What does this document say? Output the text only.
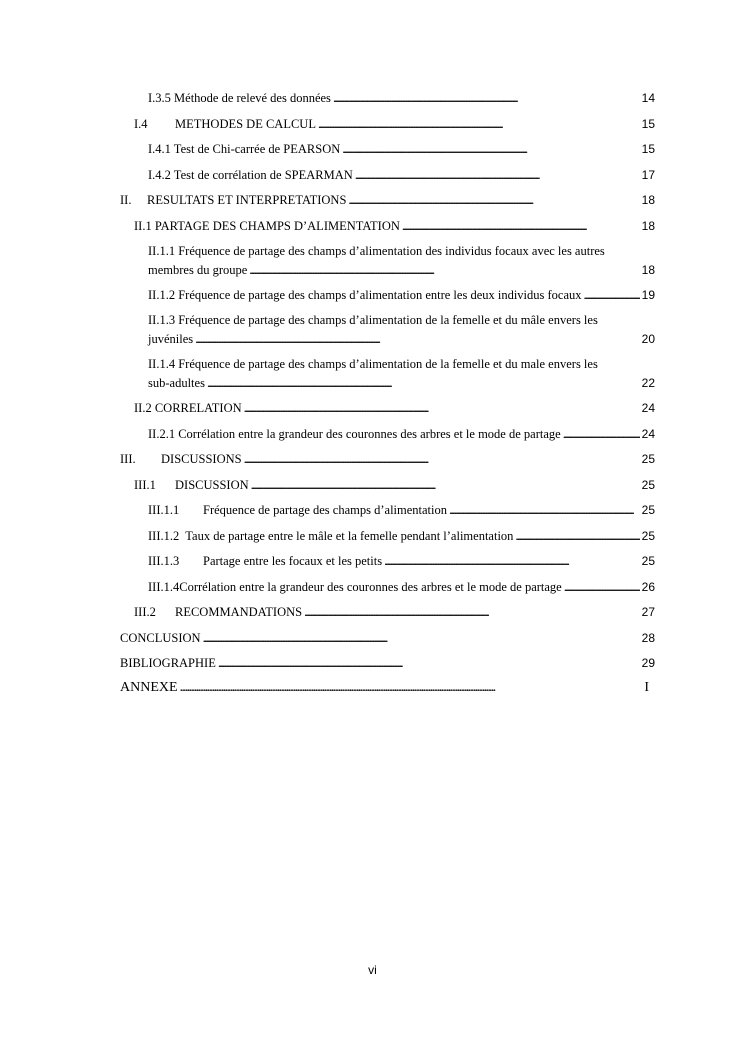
I.3.5 Méthode de relevé des données . . .	14
I.4	METHODES DE CALCUL . . .	15
I.4.1 Test de Chi-carrée de PEARSON . . .	15
I.4.2 Test de corrélation de SPEARMAN . . .	17
II.	RESULTATS ET INTERPRETATIONS . . .	18
II.1 PARTAGE DES CHAMPS D’ALIMENTATION . . .	18
II.1.1 Fréquence de partage des champs d’alimentation des individus focaux avec les autres
membres du groupe . . .	18
II.1.2 Fréquence de partage des champs d’alimentation entre les deux individus focaux . . .	19
II.1.3 Fréquence de partage des champs d’alimentation de la femelle et du mâle envers les
juvéniles . . .	20
II.1.4 Fréquence de partage des champs d’alimentation de la femelle et du male envers les
sub-adultes . . .	22
II.2 CORRELATION . . .	24
II.2.1 Corrélation entre la grandeur des couronnes des arbres et le mode de partage . . .	24
III.	DISCUSSIONS . . .	25
III.1	DISCUSSION . . .	25
III.1.1	Fréquence de partage des champs d’alimentation . . .	25
III.1.2 Taux de partage entre le mâle et la femelle pendant l’alimentation . . .	25
III.1.3	Partage entre les focaux et les petits . . .	25
III.1.4 Corrélation entre la grandeur des couronnes des arbres et le mode de partage . . .	26
III.2	RECOMMANDATIONS . . .	27
CONCLUSION . . .	28
BIBLIOGRAPHIE . . .	29
ANNEXE . . .	I
vi
